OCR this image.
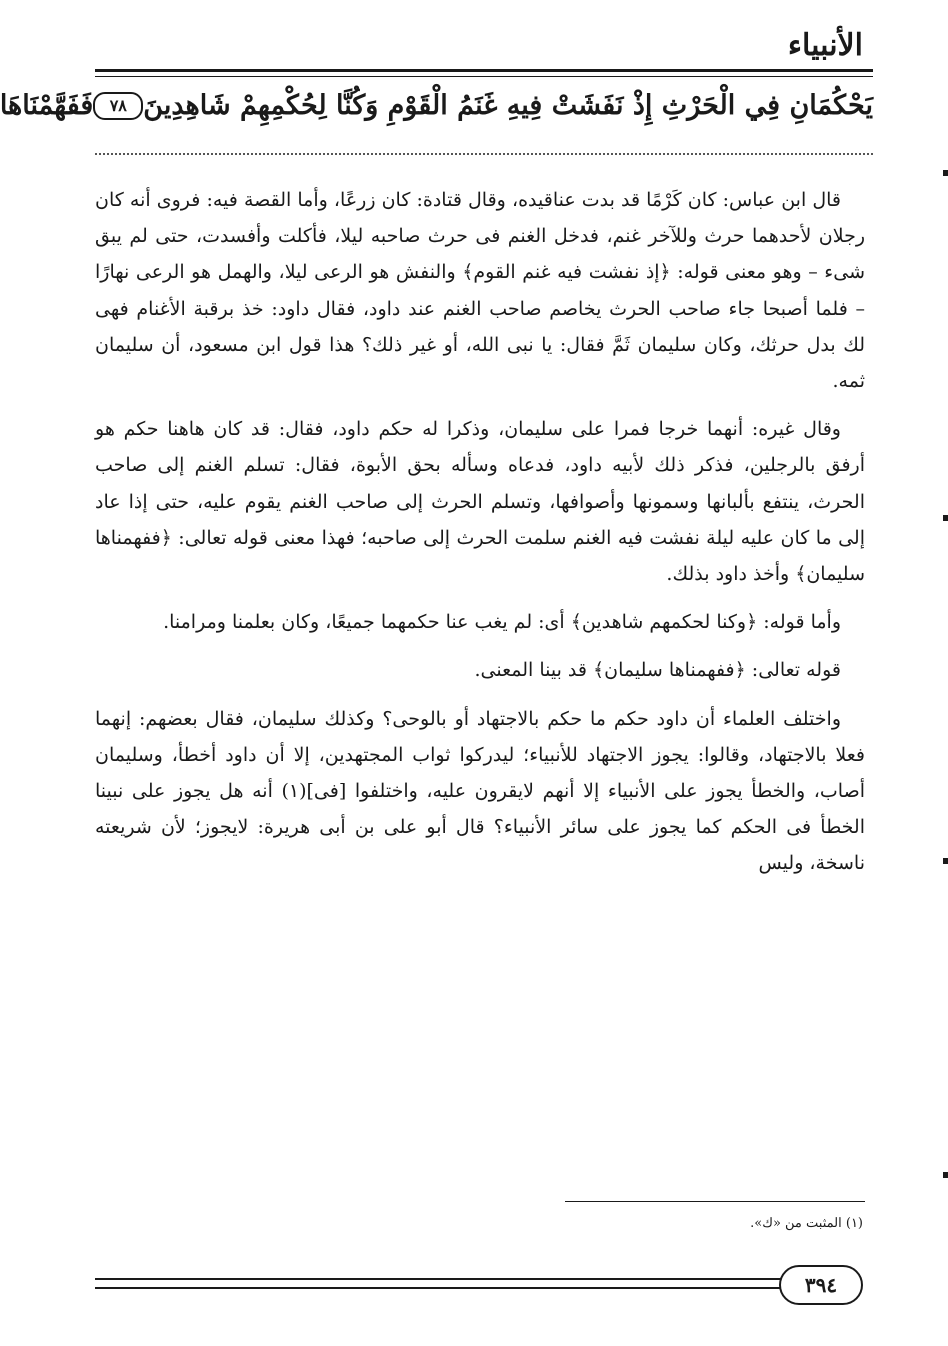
الأنبياء
يَحْكُمَانِ فِي الْحَرْثِ إِذْ نَفَشَتْ فِيهِ غَنَمُ الْقَوْمِ وَكُنَّا لِحُكْمِهِمْ شَاهِدِينَ
٧٨
فَفَهَّمْنَاهَا

قال ابن عباس: كان كَرْمًا قد بدت عناقيده، وقال قتادة: كان زرعًا، وأما القصة فيه: فروى أنه كان رجلان لأحدهما حرث وللآخر غنم، فدخل الغنم فى حرث صاحبه ليلا، فأكلت وأفسدت، حتى لم يبق شىء – وهو معنى قوله: ﴿إذ نفشت فيه غنم القوم﴾ والنفش هو الرعى ليلا، والهمل هو الرعى نهارًا – فلما أصبحا جاء صاحب الحرث يخاصم صاحب الغنم عند داود، فقال داود: خذ برقبة الأغنام فهى لك بدل حرثك، وكان سليمان ثَمَّ فقال: يا نبى الله، أو غير ذلك؟ هذا قول ابن مسعود، أن سليمان ثمه.

وقال غيره: أنهما خرجا فمرا على سليمان، وذكرا له حكم داود، فقال: قد كان هاهنا حكم هو أرفق بالرجلين، فذكر ذلك لأبيه داود، فدعاه وسأله بحق الأبوة، فقال: تسلم الغنم إلى صاحب الحرث، ينتفع بألبانها وسمونها وأصوافها، وتسلم الحرث إلى صاحب الغنم يقوم عليه، حتى إذا عاد إلى ما كان عليه ليلة نفشت فيه الغنم سلمت الحرث إلى صاحبه؛ فهذا معنى قوله تعالى: ﴿ففهمناها سليمان﴾ وأخذ داود بذلك.

وأما قوله: ﴿وكنا لحكمهم شاهدين﴾ أى: لم يغب عنا حكمهما جميعًا، وكان بعلمنا ومرامنا.

قوله تعالى: ﴿ففهمناها سليمان﴾ قد بينا المعنى.

واختلف العلماء أن داود حكم ما حكم بالاجتهاد أو بالوحى؟ وكذلك سليمان، فقال بعضهم: إنهما فعلا بالاجتهاد، وقالوا: يجوز الاجتهاد للأنبياء؛ ليدركوا ثواب المجتهدين، إلا أن داود أخطأ، وسليمان أصاب، والخطأ يجوز على الأنبياء إلا أنهم لايقرون عليه، واختلفوا [فى](١) أنه هل يجوز على نبينا الخطأ فى الحكم كما يجوز على سائر الأنبياء؟ قال أبو على بن أبى هريرة: لايجوز؛ لأن شريعته ناسخة، وليس

(١) المثبت من «ك».
٣٩٤
